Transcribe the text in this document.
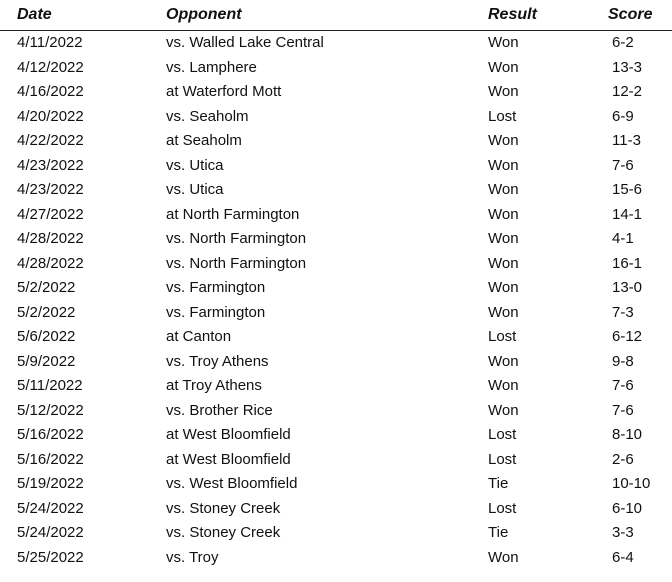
Date	Opponent	Result	Score
4/11/2022	vs. Walled Lake Central	Won	6-2
4/12/2022	vs. Lamphere	Won	13-3
4/16/2022	at Waterford Mott	Won	12-2
4/20/2022	vs. Seaholm	Lost	6-9
4/22/2022	at Seaholm	Won	11-3
4/23/2022	vs. Utica	Won	7-6
4/23/2022	vs. Utica	Won	15-6
4/27/2022	at North Farmington	Won	14-1
4/28/2022	vs. North Farmington	Won	4-1
4/28/2022	vs. North Farmington	Won	16-1
5/2/2022	vs. Farmington	Won	13-0
5/2/2022	vs. Farmington	Won	7-3
5/6/2022	at Canton	Lost	6-12
5/9/2022	vs. Troy Athens	Won	9-8
5/11/2022	at Troy Athens	Won	7-6
5/12/2022	vs. Brother Rice	Won	7-6
5/16/2022	at West Bloomfield	Lost	8-10
5/16/2022	at West Bloomfield	Lost	2-6
5/19/2022	vs. West Bloomfield	Tie	10-10
5/24/2022	vs. Stoney Creek	Lost	6-10
5/24/2022	vs. Stoney Creek	Tie	3-3
5/25/2022	vs. Troy	Won	6-4
